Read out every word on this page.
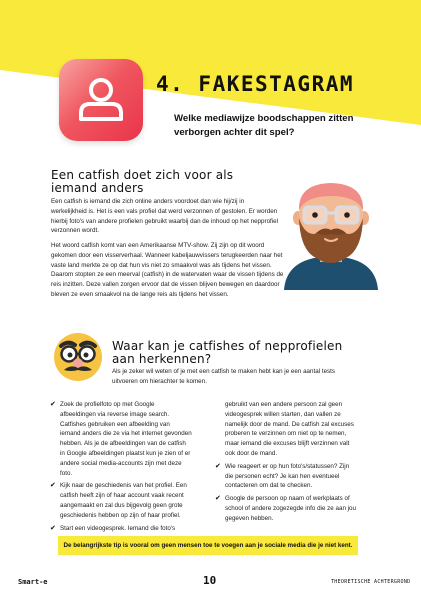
4. FAKESTAGRAM
Welke mediawijze boodschappen zitten verborgen achter dit spel?
Een catfish doet zich voor als iemand anders

Een catfish is iemand die zich online anders voordoet dan wie hij/zij in werkelijkheid is. Het is een vals profiel dat werd verzonnen of gestolen. Er worden hierbij foto's van andere profielen gebruikt waarbij dan de inhoud op het nepprofiel verzonnen wordt.

Het woord catfish komt van een Amerikaanse MTV-show. Zij zijn op dit woord gekomen door een visserverhaal. Wanneer kabeljauwvissers terugkeerden naar het vaste land merkte ze op dat hun vis niet zo smaakvol was als tijdens het vissen. Daarom stopten ze een meerval (catfish) in de watervaten waar de vissen tijdens de reis inzitten. Deze vallen zorgen ervoor dat de vissen blijven bewegen en daardoor bleven ze even smaakvol na de lange reis als tijdens het vissen.

Waar kan je catfishes of nepprofielen aan herkennen?

Als je zeker wil weten of je met een catfish te maken hebt kan je een aantal tests uitvoeren om hierachter te komen.

✔ Zoek de profielfoto op met Google afbeeldingen via reverse image search. Catfishes gebruiken een afbeelding van iemand anders die ze via het internet gevonden hebben. Als je de afbeeldingen van de catfish in Google afbeeldingen plaatst kun je zien of er andere social media-accounts zijn met deze foto.
✔ Kijk naar de geschiedenis van het profiel. Een catfish heeft zijn of haar account vaak recent aangemaakt en zal dus bijgevolg geen grote geschiedenis hebben op zijn of haar profiel.
✔ Start een videogesprek. Iemand die foto's
gebruikt van een andere persoon zal geen videogesprek willen starten, dan vallen ze namelijk door de mand. De catfish zal excuses proberen te verzinnen om niet op te nemen, maar iemand die excuses blijft verzinnen valt ook door de mand.
✔ Wie reageert er op hun foto's/statussen? Zijn die personen echt? Je kan hen eventueel contacteren om dat te checken.
✔ Google de persoon op naam of werkplaats of school of andere zogezegde info die ze aan jou gegeven hebben.
De belangrijkste tip is vooral om geen mensen toe te voegen aan je sociale media die je niet kent.
Smart-e	10	THEORETISCHE ACHTERGROND
